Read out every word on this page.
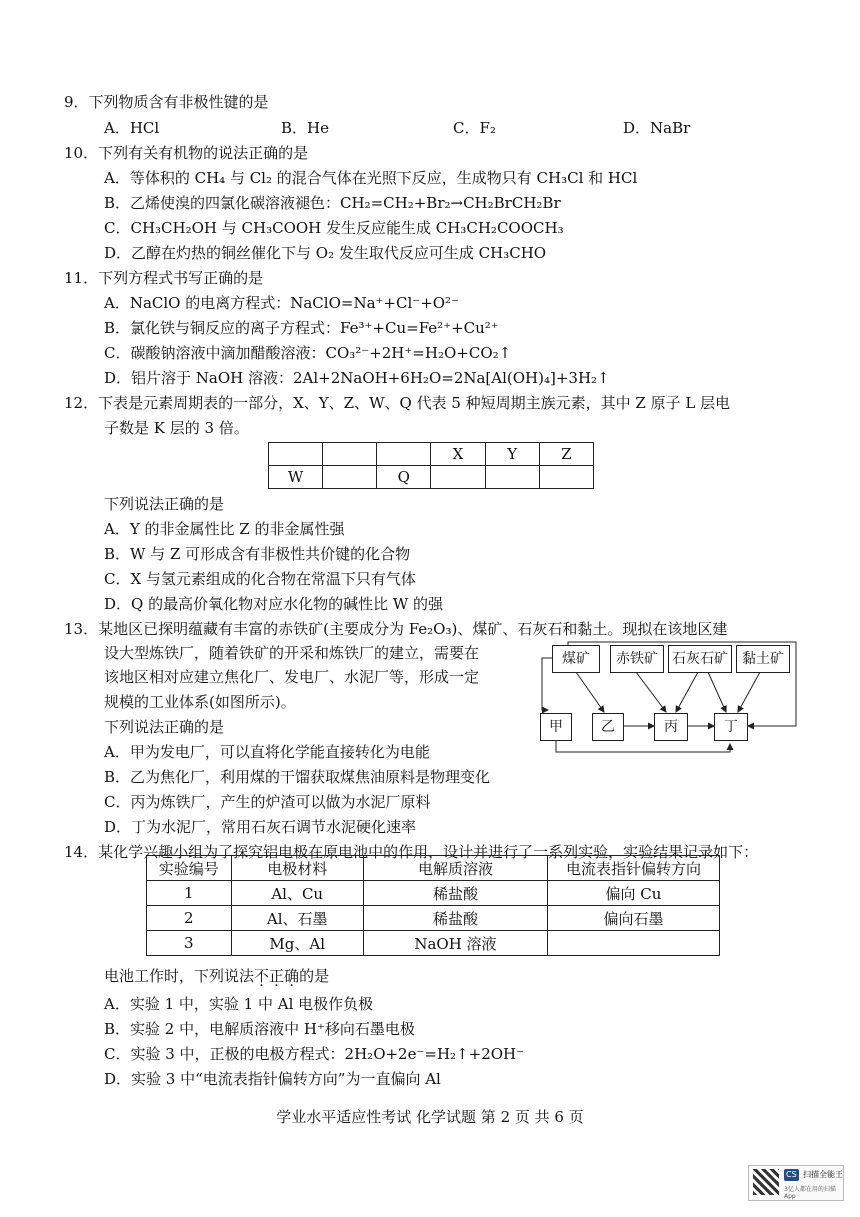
9．下列物质含有非极性键的是
A．HCl	B．He	C．F₂	D．NaBr
10．下列有关有机物的说法正确的是
A．等体积的 CH₄ 与 Cl₂ 的混合气体在光照下反应，生成物只有 CH₃Cl 和 HCl
B．乙烯使溴的四氯化碳溶液褪色：CH₂=CH₂+Br₂→CH₂BrCH₂Br
C．CH₃CH₂OH 与 CH₃COOH 发生反应能生成 CH₃CH₂COOCH₃
D．乙醇在灼热的铜丝催化下与 O₂ 发生取代反应可生成 CH₃CHO
11．下列方程式书写正确的是
A．NaClO 的电离方程式：NaClO=Na⁺+Cl⁻+O²⁻
B．氯化铁与铜反应的离子方程式：Fe³⁺+Cu=Fe²⁺+Cu²⁺
C．碳酸钠溶液中滴加醋酸溶液：CO₃²⁻+2H⁺=H₂O+CO₂↑
D．铝片溶于 NaOH 溶液：2Al+2NaOH+6H₂O=2Na[Al(OH)₄]+3H₂↑
12．下表是元素周期表的一部分，X、Y、Z、W、Q 代表 5 种短周期主族元素，其中 Z 原子 L 层电
子数是 K 层的 3 倍。
			X	Y	Z
W		Q			
下列说法正确的是
A．Y 的非金属性比 Z 的非金属性强
B．W 与 Z 可形成含有非极性共价键的化合物
C．X 与氢元素组成的化合物在常温下只有气体
D．Q 的最高价氧化物对应水化物的碱性比 W 的强
13．某地区已探明蕴藏有丰富的赤铁矿(主要成分为 Fe₂O₃)、煤矿、石灰石和黏土。现拟在该地区建
设大型炼铁厂，随着铁矿的开采和炼铁厂的建立，需要在
该地区相对应建立焦化厂、发电厂、水泥厂等，形成一定
规模的工业体系(如图所示)。
下列说法正确的是
A．甲为发电厂，可以直将化学能直接转化为电能
B．乙为焦化厂，利用煤的干馏获取煤焦油原料是物理变化
C．丙为炼铁厂，产生的炉渣可以做为水泥厂原料
D．丁为水泥厂，常用石灰石调节水泥硬化速率
煤矿	赤铁矿	石灰石矿	黏土矿
甲	乙	丙	丁
14．某化学兴趣小组为了探究铝电极在原电池中的作用，设计并进行了一系列实验，实验结果记录如下：
实验编号	电极材料	电解质溶液	电流表指针偏转方向
1	Al、Cu	稀盐酸	偏向 Cu
2	Al、石墨	稀盐酸	偏向石墨
3	Mg、Al	NaOH 溶液	
电池工作时，下列说法不正确的是
A．实验 1 中，实验 1 中 Al 电极作负极
B．实验 2 中，电解质溶液中 H⁺移向石墨电极
C．实验 3 中，正极的电极方程式：2H₂O+2e⁻=H₂↑+2OH⁻
D．实验 3 中“电流表指针偏转方向”为一直偏向 Al
学业水平适应性考试 化学试题 第 2 页 共 6 页
CS 扫描全能王
3亿人都在用的扫描App
